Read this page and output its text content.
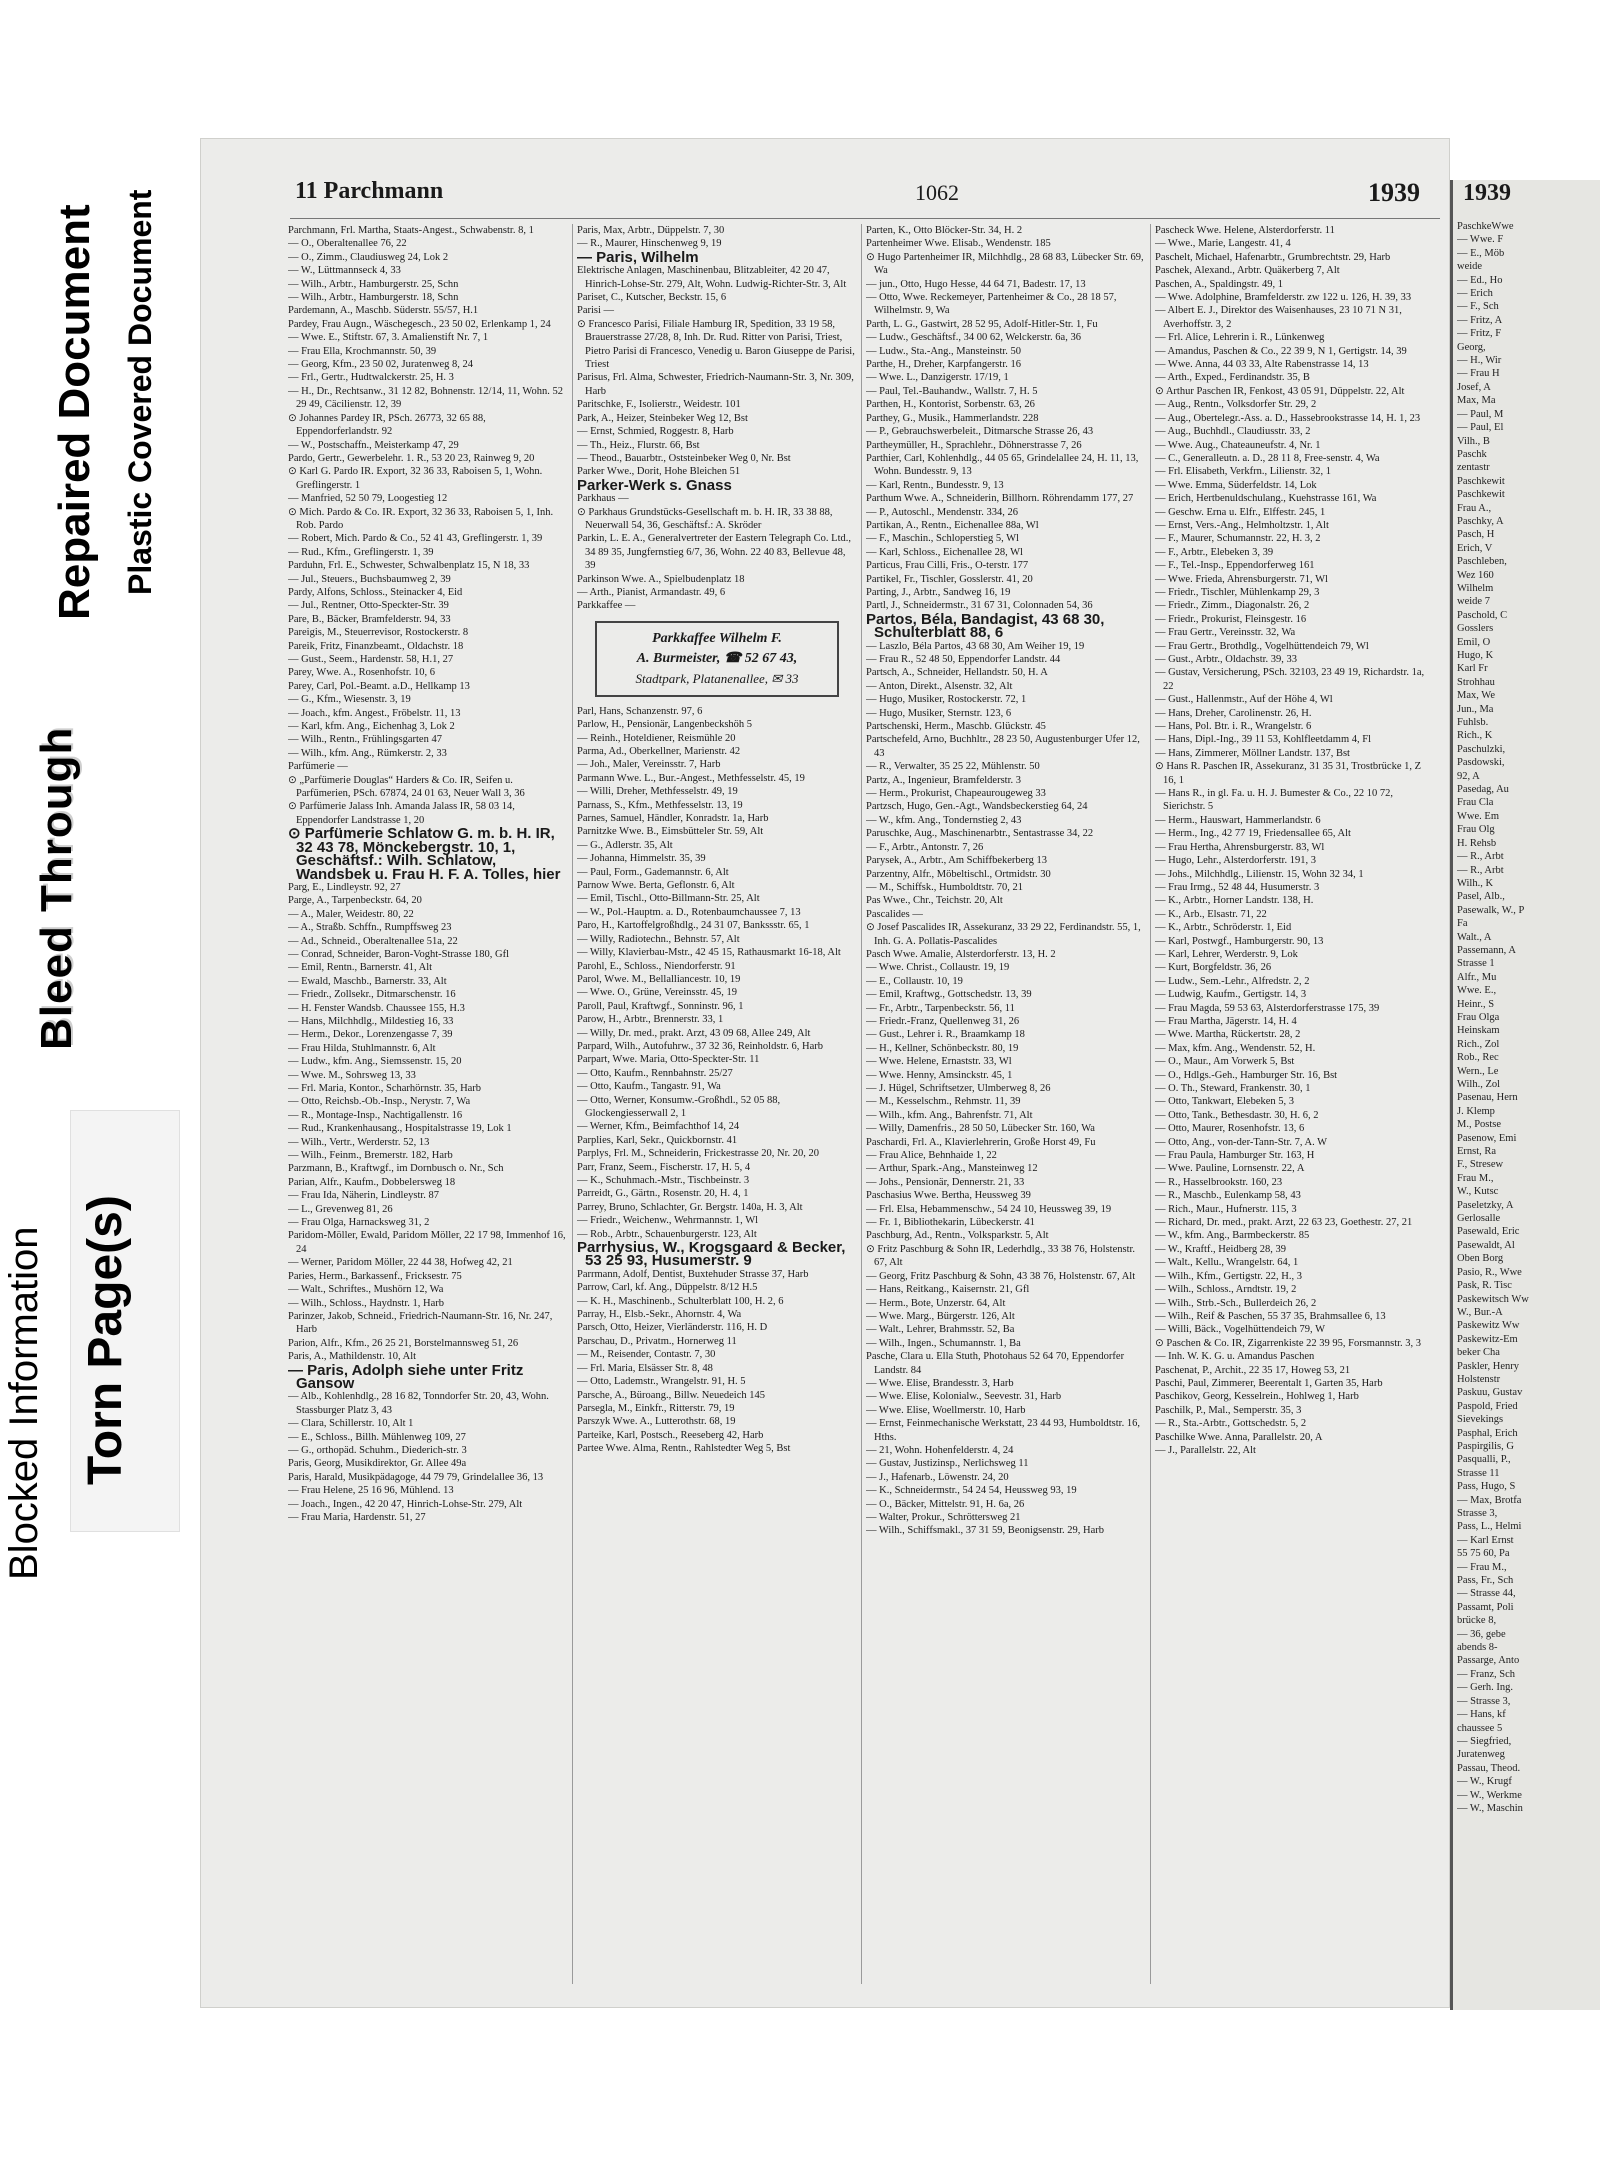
Bleed Through
Blocked Information Torn Page(s)
Repaired Document Plastic Covered Document	11 Parchmann	1062	1939

Parchmann, Frl. Martha, Staats-Angest., Schwabenstr. 8, 1

— O., Oberaltenallee 76, 22

— O., Zimm., Claudiusweg 24, Lok 2

— W., Lüttmannseck 4, 33

— Wilh., Arbtr., Hamburgerstr. 25, Schn

— Wilh., Arbtr., Hamburgerstr. 18, Schn

Pardemann, A., Maschb. Süderstr. 55/57, H.1

Pardey, Frau Augn., Wäschegesch., 23 50 02, Erlenkamp 1, 24

— Wwe. E., Stiftstr. 67, 3. Amalienstift Nr. 7, 1

— Frau Ella, Krochmannstr. 50, 39

— Georg, Kfm., 23 50 02, Juratenweg 8, 24

— Frl., Gertr., Hudtwalckerstr. 25, H. 3

— H., Dr., Rechtsanw., 31 12 82, Bohnenstr. 12/14, 11, Wohn. 52 29 49, Cäcilienstr. 12, 39

⊙ Johannes Pardey IR, PSch. 26773, 32 65 88, Eppendorferlandstr. 92

— W., Postschaffn., Meisterkamp 47, 29

Pardo, Gertr., Gewerbelehr. 1. R., 53 20 23, Rainweg 9, 20

⊙ Karl G. Pardo IR. Export, 32 36 33, Raboisen 5, 1, Wohn. Greflingerstr. 1

— Manfried, 52 50 79, Loogestieg 12

⊙ Mich. Pardo & Co. IR. Export, 32 36 33, Raboisen 5, 1, Inh. Rob. Pardo

— Robert, Mich. Pardo & Co., 52 41 43, Greflingerstr. 1, 39

— Rud., Kfm., Greflingerstr. 1, 39

Parduhn, Frl. E., Schwester, Schwalbenplatz 15, N 18, 33

— Jul., Steuers., Buchsbaumweg 2, 39

Pardy, Alfons, Schloss., Steinacker 4, Eid

— Jul., Rentner, Otto-Speckter-Str. 39

Pare, B., Bäcker, Bramfelderstr. 94, 33

Pareigis, M., Steuerrevisor, Rostockerstr. 8

Pareik, Fritz, Finanzbeamt., Oldachstr. 18

— Gust., Seem., Hardenstr. 58, H.1, 27

Parey, Wwe. A., Rosenhofstr. 10, 6

Parey, Carl, Pol.-Beamt. a.D., Hellkamp 13

— G., Kfm., Wiesenstr. 3, 19

— Joach., kfm. Angest., Fröbelstr. 11, 13

— Karl, kfm. Ang., Eichenhag 3, Lok 2

— Wilh., Rentn., Frühlingsgarten 47

— Wilh., kfm. Ang., Rümkerstr. 2, 33

Parfümerie —

⊙ „Parfümerie Douglas“ Harders & Co. IR, Seifen u. Parfümerien, PSch. 67874, 24 01 63, Neuer Wall 3, 36

⊙ Parfümerie Jalass Inh. Amanda Jalass IR, 58 03 14, Eppendorfer Landstrasse 1, 20

⊙ Parfümerie Schlatow G. m. b. H. IR, 32 43 78, Mönckebergstr. 10, 1, Geschäftsf.: Wilh. Schlatow, Wandsbek u. Frau H. F. A. Tolles, hier

Parg, E., Lindleystr. 92, 27

Parge, A., Tarpenbeckstr. 64, 20

— A., Maler, Weidestr. 80, 22

— A., Straßb. Schffn., Rumpffsweg 23

— Ad., Schneid., Oberaltenallee 51a, 22

— Conrad, Schneider, Baron-Voght-Strasse 180, Gfl

— Emil, Rentn., Barnerstr. 41, Alt

— Ewald, Maschb., Barnerstr. 33, Alt

— Friedr., Zollsekr., Ditmarschenstr. 16

— H. Fenster Wandsb. Chaussee 155, H.3

— Hans, Milchhdlg., Mildestieg 16, 33

— Herm., Dekor., Lorenzengasse 7, 39

— Frau Hilda, Stuhlmannstr. 6, Alt

— Ludw., kfm. Ang., Siemssenstr. 15, 20

— Wwe. M., Sohrsweg 13, 33

— Frl. Maria, Kontor., Scharhörnstr. 35, Harb

— Otto, Reichsb.-Ob.-Insp., Nerystr. 7, Wa

— R., Montage-Insp., Nachtigallenstr. 16

— Rud., Krankenhausang., Hospitalstrasse 19, Lok 1

— Wilh., Vertr., Werderstr. 52, 13

— Wilh., Feinm., Bremerstr. 182, Harb

Parzmann, B., Kraftwgf., im Dornbusch o. Nr., Sch

Parian, Alfr., Kaufm., Dobbelersweg 18

— Frau Ida, Näherin, Lindleystr. 87

— L., Grevenweg 81, 26

— Frau Olga, Harnacksweg 31, 2

Paridom-Möller, Ewald, Paridom Möller, 22 17 98, Immenhof 16, 24

— Werner, Paridom Möller, 22 44 38, Hofweg 42, 21

Paries, Herm., Barkassenf., Fricksestr. 75

— Walt., Schriftes., Mushörn 12, Wa

— Wilh., Schloss., Haydnstr. 1, Harb

Parinzer, Jakob, Schneid., Friedrich-Naumann-Str. 16, Nr. 247, Harb

Parion, Alfr., Kfm., 26 25 21, Borstelmannsweg 51, 26

Paris, A., Mathildenstr. 10, Alt

— Paris, Adolph siehe unter Fritz Gansow

— Alb., Kohlenhdlg., 28 16 82, Tonndorfer Str. 20, 43, Wohn. Stassburger Platz 3, 43

— Clara, Schillerstr. 10, Alt 1

— E., Schloss., Billh. Mühlenweg 109, 27

— G., orthopäd. Schuhm., Diederich-str. 3

Paris, Georg, Musikdirektor, Gr. Allee 49a

Paris, Harald, Musikpädagoge, 44 79 79, Grindelallee 36, 13

— Frau Helene, 25 16 96, Mühlend. 13

— Joach., Ingen., 42 20 47, Hinrich-Lohse-Str. 279, Alt

— Frau Maria, Hardenstr. 51, 27

Paris, Max, Arbtr., Düppelstr. 7, 30

— R., Maurer, Hinschenweg 9, 19

— Paris, Wilhelm

Elektrische Anlagen, Maschinenbau, Blitzableiter, 42 20 47, Hinrich-Lohse-Str. 279, Alt, Wohn. Ludwig-Richter-Str. 3, Alt

Pariset, C., Kutscher, Beckstr. 15, 6

Parisi —

⊙ Francesco Parisi, Filiale Hamburg IR, Spedition, 33 19 58, Brauerstrasse 27/28, 8, Inh. Dr. Rud. Ritter von Parisi, Triest, Pietro Parisi di Francesco, Venedig u. Baron Giuseppe de Parisi, Triest

Parisus, Frl. Alma, Schwester, Friedrich-Naumann-Str. 3, Nr. 309, Harb

Paritschke, F., Isolierstr., Weidestr. 101

Park, A., Heizer, Steinbeker Weg 12, Bst

— Ernst, Schmied, Roggestr. 8, Harb

— Th., Heiz., Flurstr. 66, Bst

— Theod., Bauarbtr., Oststeinbeker Weg 0, Nr. Bst

Parker Wwe., Dorit, Hohe Bleichen 51

Parker-Werk s. Gnass

Parkhaus —

⊙ Parkhaus Grundstücks-Gesellschaft m. b. H. IR, 33 38 88, Neuerwall 54, 36, Geschäftsf.: A. Skröder

Parkin, L. E. A., Generalvertreter der Eastern Telegraph Co. Ltd., 34 89 35, Jungfernstieg 6/7, 36, Wohn. 22 40 83, Bellevue 48, 39

Parkinson Wwe. A., Spielbudenplatz 18

— Arth., Pianist, Armandastr. 49, 6

Parkkaffee —

Parkkaffee Wilhelm F.
A. Burmeister, ☎ 52 67 43,
Stadtpark, Platanenallee, ✉ 33

Parl, Hans, Schanzenstr. 97, 6

Parlow, H., Pensionär, Langenbeckshöh 5

— Reinh., Hoteldiener, Reismühle 20

Parma, Ad., Oberkellner, Marienstr. 42

— Joh., Maler, Vereinsstr. 7, Harb

Parmann Wwe. L., Bur.-Angest., Methfesselstr. 45, 19

— Willi, Dreher, Methfesselstr. 49, 19

Parnass, S., Kfm., Methfesselstr. 13, 19

Parnes, Samuel, Händler, Konradstr. 1a, Harb

Parnitzke Wwe. B., Eimsbütteler Str. 59, Alt

— G., Adlerstr. 35, Alt

— Johanna, Himmelstr. 35, 39

— Paul, Form., Gademannstr. 6, Alt

Parnow Wwe. Berta, Geflonstr. 6, Alt

— Emil, Tischl., Otto-Billmann-Str. 25, Alt

— W., Pol.-Hauptm. a. D., Rotenbaumchaussee 7, 13

Paro, H., Kartoffelgroßhdlg., 24 31 07, Bankssstr. 65, 1

— Willy, Radiotechn., Behnstr. 57, Alt

— Willy, Klavierbau-Mstr., 42 45 15, Rathausmarkt 16-18, Alt

Parohl, E., Schloss., Niendorferstr. 91

Parol, Wwe. M., Bellalliancestr. 10, 19

— Wwe. O., Grüne, Vereinsstr. 45, 19

Paroll, Paul, Kraftwgf., Sonninstr. 96, 1

Parow, H., Arbtr., Brennerstr. 33, 1

— Willy, Dr. med., prakt. Arzt, 43 09 68, Allee 249, Alt

Parpard, Wilh., Autofuhrw., 37 32 36, Reinholdstr. 6, Harb

Parpart, Wwe. Maria, Otto-Speckter-Str. 11

— Otto, Kaufm., Rennbahnstr. 25/27

— Otto, Kaufm., Tangastr. 91, Wa

— Otto, Werner, Konsumw.-Großhdl., 52 05 88, Glockengiesserwall 2, 1

— Werner, Kfm., Beimfachthof 14, 24

Parplies, Karl, Sekr., Quickbornstr. 41

Parplys, Frl. M., Schneiderin, Frickestrasse 20, Nr. 20, 20

Parr, Franz, Seem., Fischerstr. 17, H. 5, 4

— K., Schuhmach.-Mstr., Tischbeinstr. 3

Parreidt, G., Gärtn., Rosenstr. 20, H. 4, 1

Parrey, Bruno, Schlachter, Gr. Bergstr. 140a, H. 3, Alt

— Friedr., Weichenw., Wehrmannstr. 1, Wl

— Rob., Arbtr., Schauenburgerstr. 123, Alt

Parrhysius, W., Krogsgaard & Becker, 53 25 93, Husumerstr. 9

Parrmann, Adolf, Dentist, Buxtehuder Strasse 37, Harb

Parrow, Carl, kf. Ang., Düppelstr. 8/12 H.5

— K. H., Maschinenb., Schulterblatt 100, H. 2, 6

Parray, H., Elsb.-Sekr., Ahornstr. 4, Wa

Parsch, Otto, Heizer, Vierländerstr. 116, H. D

Parschau, D., Privatm., Hornerweg 11

— M., Reisender, Contastr. 7, 30

— Frl. Maria, Elsässer Str. 8, 48

— Otto, Lademstr., Wrangelstr. 91, H. 5

Parsche, A., Büroang., Billw. Neuedeich 145

Parsegla, M., Einkfr., Ritterstr. 79, 19

Parszyk Wwe. A., Lutterothstr. 68, 19

Parteike, Karl, Postsch., Reeseberg 42, Harb

Partee Wwe. Alma, Rentn., Rahlstedter Weg 5, Bst

Parten, K., Otto Blöcker-Str. 34, H. 2

Partenheimer Wwe. Elisab., Wendenstr. 185

⊙ Hugo Partenheimer IR, Milchhdlg., 28 68 83, Lübecker Str. 69, Wa

— jun., Otto, Hugo Hesse, 44 64 71, Badestr. 17, 13

— Otto, Wwe. Reckemeyer, Partenheimer & Co., 28 18 57, Wilhelmstr. 9, Wa

Parth, L. G., Gastwirt, 28 52 95, Adolf-Hitler-Str. 1, Fu

— Ludw., Geschäftsf., 34 00 62, Welckerstr. 6a, 36

— Ludw., Sta.-Ang., Mansteinstr. 50

Parthe, H., Dreher, Karpfangerstr. 16

— Wwe. L., Danzigerstr. 17/19, 1

— Paul, Tel.-Bauhandw., Wallstr. 7, H. 5

Parthen, H., Kontorist, Sorbenstr. 63, 26

Parthey, G., Musik., Hammerlandstr. 228

— P., Gebrauchswerbeleit., Ditmarsche Strasse 26, 43

Partheymüller, H., Sprachlehr., Döhnerstrasse 7, 26

Parthier, Carl, Kohlenhdlg., 44 05 65, Grindelallee 24, H. 11, 13, Wohn. Bundesstr. 9, 13

— Karl, Rentn., Bundesstr. 9, 13

Parthum Wwe. A., Schneiderin, Billhorn. Röhrendamm 177, 27

— P., Autoschl., Mendenstr. 334, 26

Partikan, A., Rentn., Eichenallee 88a, Wl

— F., Maschin., Schloperstieg 5, Wl

— Karl, Schloss., Eichenallee 28, Wl

Particus, Frau Cilli, Fris., O-terstr. 177

Partikel, Fr., Tischler, Gosslerstr. 41, 20

Parting, J., Arbtr., Sandweg 16, 19

Partl, J., Schneidermstr., 31 67 31, Colonnaden 54, 36

Partos, Béla, Bandagist, 43 68 30, Schulterblatt 88, 6

— Laszlo, Béla Partos, 43 68 30, Am Weiher 19, 19

— Frau R., 52 48 50, Eppendorfer Landstr. 44

Partsch, A., Schneider, Hellandstr. 50, H. A

— Anton, Direkt., Alsenstr. 32, Alt

— Hugo, Musiker, Rostockerstr. 72, 1

— Hugo, Musiker, Sternstr. 123, 6

Partschenski, Herm., Maschb. Glückstr. 45

Partschefeld, Arno, Buchhltr., 28 23 50, Augustenburger Ufer 12, 43

— R., Verwalter, 35 25 22, Mühlenstr. 50

Partz, A., Ingenieur, Bramfelderstr. 3

— Herm., Prokurist, Chapeaurougeweg 33

Partzsch, Hugo, Gen.-Agt., Wandsbeckerstieg 64, 24

— W., kfm. Ang., Tondernstieg 2, 43

Paruschke, Aug., Maschinenarbtr., Sentastrasse 34, 22

— F., Arbtr., Antonstr. 7, 26

Parysek, A., Arbtr., Am Schiffbekerberg 13

Parzentny, Alfr., Möbeltischl., Ortmidstr. 30

— M., Schiffsk., Humboldtstr. 70, 21

Pas Wwe., Chr., Teichstr. 20, Alt

Pascalides —

⊙ Josef Pascalides IR, Assekuranz, 33 29 22, Ferdinandstr. 55, 1, Inh. G. A. Pollatis-Pascalides

Pasch Wwe. Amalie, Alsterdorferstr. 13, H. 2

— Wwe. Christ., Collaustr. 19, 19

— E., Collaustr. 10, 19

— Emil, Kraftwg., Gottschedstr. 13, 39

— Fr., Arbtr., Tarpenbeckstr. 56, 11

— Friedr.-Franz, Quellenweg 31, 26

— Gust., Lehrer i. R., Braamkamp 18

— H., Kellner, Schönbeckstr. 80, 19

— Wwe. Helene, Ernaststr. 33, Wl

— Wwe. Henny, Amsinckstr. 45, 1

— J. Hügel, Schriftsetzer, Ulmberweg 8, 26

— M., Kesselschm., Rehmstr. 11, 39

— Wilh., kfm. Ang., Bahrenfstr. 71, Alt

— Willy, Damenfris., 28 50 50, Lübecker Str. 160, Wa

Paschardi, Frl. A., Klavierlehrerin, Große Horst 49, Fu

— Frau Alice, Behnhaide 1, 22

— Arthur, Spark.-Ang., Mansteinweg 12

— Johs., Pensionär, Dennerstr. 21, 33

Paschasius Wwe. Bertha, Heussweg 39

— Frl. Elsa, Hebammenschw., 54 24 10, Heussweg 39, 19

— Fr. 1, Bibliothekarin, Lübeckerstr. 41

Paschburg, Ad., Rentn., Volksparkstr. 5, Alt

⊙ Fritz Paschburg & Sohn IR, Lederhdlg., 33 38 76, Holstenstr. 67, Alt

— Georg, Fritz Paschburg & Sohn, 43 38 76, Holstenstr. 67, Alt

— Hans, Reitkang., Kaisernstr. 21, Gfl

— Herm., Bote, Unzerstr. 64, Alt

— Wwe. Marg., Bürgerstr. 126, Alt

— Walt., Lehrer, Brahmsstr. 52, Ba

— Wilh., Ingen., Schumannstr. 1, Ba

Pasche, Clara u. Ella Stuth, Photohaus 52 64 70, Eppendorfer Landstr. 84

— Wwe. Elise, Brandesstr. 3, Harb

— Wwe. Elise, Kolonialw., Seevestr. 31, Harb

— Wwe. Elise, Woellmerstr. 10, Harb

— Ernst, Feinmechanische Werkstatt, 23 44 93, Humboldtstr. 16, Hths.

— 21, Wohn. Hohenfelderstr. 4, 24

— Gustav, Justizinsp., Nerlichsweg 11

— J., Hafenarb., Löwenstr. 24, 20

— K., Schneidermstr., 54 24 54, Heussweg 93, 19

— O., Bäcker, Mittelstr. 91, H. 6a, 26

— Walter, Prokur., Schröttersweg 21

— Wilh., Schiffsmakl., 37 31 59, Beonigsenstr. 29, Harb

Pascheck Wwe. Helene, Alsterdorferstr. 11

— Wwe., Marie, Langestr. 41, 4

Paschelt, Michael, Hafenarbtr., Grumbrechtstr. 29, Harb

Paschek, Alexand., Arbtr. Quäkerberg 7, Alt

Paschen, A., Spaldingstr. 49, 1

— Wwe. Adolphine, Bramfelderstr. zw 122 u. 126, H. 39, 33

— Albert E. J., Direktor des Waisenhauses, 23 10 71 N 31, Averhoffstr. 3, 2

— Frl. Alice, Lehrerin i. R., Lünkenweg

— Amandus, Paschen & Co., 22 39 9, N 1, Gertigstr. 14, 39

— Wwe. Anna, 44 03 33, Alte Rabenstrasse 14, 13

— Arth., Exped., Ferdinandstr. 35, B

⊙ Arthur Paschen IR, Fenkost, 43 05 91, Düppelstr. 22, Alt

— Aug., Rentn., Volksdorfer Str. 29, 2

— Aug., Obertelegr.-Ass. a. D., Hassebrookstrasse 14, H. 1, 23

— Aug., Buchhdl., Claudiusstr. 33, 2

— Wwe. Aug., Chateauneufstr. 4, Nr. 1

— C., Generalleutn. a. D., 28 11 8, Free-senstr. 4, Wa

— Frl. Elisabeth, Verkfrn., Lilienstr. 32, 1

— Wwe. Emma, Süderfeldstr. 14, Lok

— Erich, Hertbenuldschulang., Kuehstrasse 161, Wa

— Geschw. Erna u. Elfr., Elffestr. 245, 1

— Ernst, Vers.-Ang., Helmholtzstr. 1, Alt

— F., Maurer, Schumannstr. 22, H. 3, 2

— F., Arbtr., Elebeken 3, 39

— F., Tel.-Insp., Eppendorferweg 161

— Wwe. Frieda, Ahrensburgerstr. 71, Wl

— Friedr., Tischler, Mühlenkamp 29, 3

— Friedr., Zimm., Diagonalstr. 26, 2

— Friedr., Prokurist, Fleinsgestr. 16

— Frau Gertr., Vereinsstr. 32, Wa

— Frau Gertr., Brothdlg., Vogelhüttendeich 79, Wl

— Gust., Arbtr., Oldachstr. 39, 33

— Gustav, Versicherung, PSch. 32103, 23 49 19, Richardstr. 1a, 22

— Gust., Hallenmstr., Auf der Höhe 4, Wl

— Hans, Dreher, Carolinenstr. 26, H.

— Hans, Pol. Btr. i. R., Wrangelstr. 6

— Hans, Dipl.-Ing., 39 11 53, Kohlfleetdamm 4, Fl

— Hans, Zimmerer, Möllner Landstr. 137, Bst

⊙ Hans R. Paschen IR, Assekuranz, 31 35 31, Trostbrücke 1, Z 16, 1

— Hans R., in gl. Fa. u. H. J. Bumester & Co., 22 10 72, Sierichstr. 5

— Herm., Hauswart, Hammerlandstr. 6

— Herm., Ing., 42 77 19, Friedensallee 65, Alt

— Frau Hertha, Ahrensburgerstr. 83, Wl

— Hugo, Lehr., Alsterdorferstr. 191, 3

— Johs., Milchhdlg., Lilienstr. 15, Wohn 32 34, 1

— Frau Irmg., 52 48 44, Husumerstr. 3

— K., Arbtr., Horner Landstr. 138, H.

— K., Arb., Elsastr. 71, 22

— K., Arbtr., Schröderstr. 1, Eid

— Karl, Postwgf., Hamburgerstr. 90, 13

— Karl, Lehrer, Werderstr. 9, Lok

— Kurt, Borgfeldstr. 36, 26

— Ludw., Sem.-Lehr., Alfredstr. 2, 2

— Ludwig, Kaufm., Gertigstr. 14, 3

— Frau Magda, 59 53 63, Alsterdorferstrasse 175, 39

— Frau Martha, Jägerstr. 14, H. 4

— Wwe. Martha, Rückertstr. 28, 2

— Max, kfm. Ang., Wendenstr. 52, H.

— O., Maur., Am Vorwerk 5, Bst

— O., Hdlgs.-Geh., Hamburger Str. 16, Bst

— O. Th., Steward, Frankenstr. 30, 1

— Otto, Tankwart, Elebeken 5, 3

— Otto, Tank., Bethesdastr. 30, H. 6, 2

— Otto, Maurer, Rosenhofstr. 13, 6

— Otto, Ang., von-der-Tann-Str. 7, A. W

— Frau Paula, Hamburger Str. 163, H

— Wwe. Pauline, Lornsenstr. 22, A

— R., Hasselbrookstr. 160, 23

— R., Maschb., Eulenkamp 58, 43

— Rich., Maur., Hufnerstr. 115, 3

— Richard, Dr. med., prakt. Arzt, 22 63 23, Goethestr. 27, 21

— W., kfm. Ang., Barmbeckerstr. 85

— W., Kraftf., Heidberg 28, 39

— Walt., Kellu., Wrangelstr. 64, 1

— Wilh., Kfm., Gertigstr. 22, H., 3

— Wilh., Schloss., Arndtstr. 19, 2

— Wilh., Strb.-Sch., Bullerdeich 26, 2

— Wilh., Reif & Paschen, 55 37 35, Brahmsallee 6, 13

— Willi, Bäck., Vogelhüttendeich 79, W

⊙ Paschen & Co. IR, Zigarrenkiste 22 39 95, Forsmannstr. 3, 3

— Inh. W. K. G. u. Amandus Paschen

Paschenat, P., Archit., 22 35 17, Howeg 53, 21

Paschi, Paul, Zimmerer, Beerentalt 1, Garten 35, Harb

Paschikov, Georg, Kesselrein., Hohlweg 1, Harb

Paschilk, P., Mal., Semperstr. 35, 3

— R., Sta.-Arbtr., Gottschedstr. 5, 2

Paschilke Wwe. Anna, Parallelstr. 20, A

— J., Parallelstr. 22, Alt

1939
PaschkeWwe
— Wwe. F
— E., Möb
weide
— Ed., Ho
— Erich
— F., Sch
— Fritz, A
— Fritz, F
Georg,
— H., Wir
— Frau H
Josef, A
Max, Ma
— Paul, M
— Paul, El
Vilh., B
Paschk
zentastr
Paschkewit
Paschkewit
Frau A.,
Paschky, A
Pasch, H
Erich, V
Paschleben,
Wez 160
Wilhelm
weide 7
Paschold, C
Gosslers
Emil, O
Hugo, K
Karl Fr
Strohhau
Max, We
Jun., Ma
Fuhlsb.
Rich., K
Paschulzki,
Pasdowski,
92, A
Pasedag, Au
Frau Cla
Wwe. Em
Frau Olg
H. Rehsb
— R., Arbt
— R., Arbt
Wilh., K
Pasel, Alb.,
Pasewalk, W., P
Fa
Walt., A
Passemann, A
Strasse 1
Alfr., Mu
Wwe. E.,
Heinr., S
Frau Olga
Heinskam
Rich., Zol
Rob., Rec
Wern., Le
Wilh., Zol
Pasenau, Hern
J. Klemp
M., Postse
Pasenow, Emi
Ernst, Ra
F., Stresew
Frau M.,
W., Kutsc
Paseletzky, A
Gerlosalle
Pasewald, Eric
Pasewaldt, Al
Oben Borg
Pasio, R., Wwe
Pask, R. Tisc
Paskewitsch Ww
W., Bur.-A
Paskewitz Ww
Paskewitz-Em
beker Cha
Paskler, Henry
Holstenstr
Paskuu, Gustav
Paspold, Fried
Sievekings
Pasphal, Erich
Paspirgilis, G
Pasqualli, P.,
Strasse 11
Pass, Hugo, S
— Max, Brotfa
Strasse 3,
Pass, L., Helmi
— Karl Ernst
55 75 60, Pa
— Frau M.,
Pass, Fr., Sch
— Strasse 44,
Passamt, Poli
brücke 8,
— 36, gebe
abends 8-
Passarge, Anto
— Franz, Sch
— Gerh. Ing.
— Strasse 3,
— Hans, kf
chaussee 5
— Siegfried,
Juratenweg
Passau, Theod.
— W., Krugf
— W., Werkme
— W., Maschin
